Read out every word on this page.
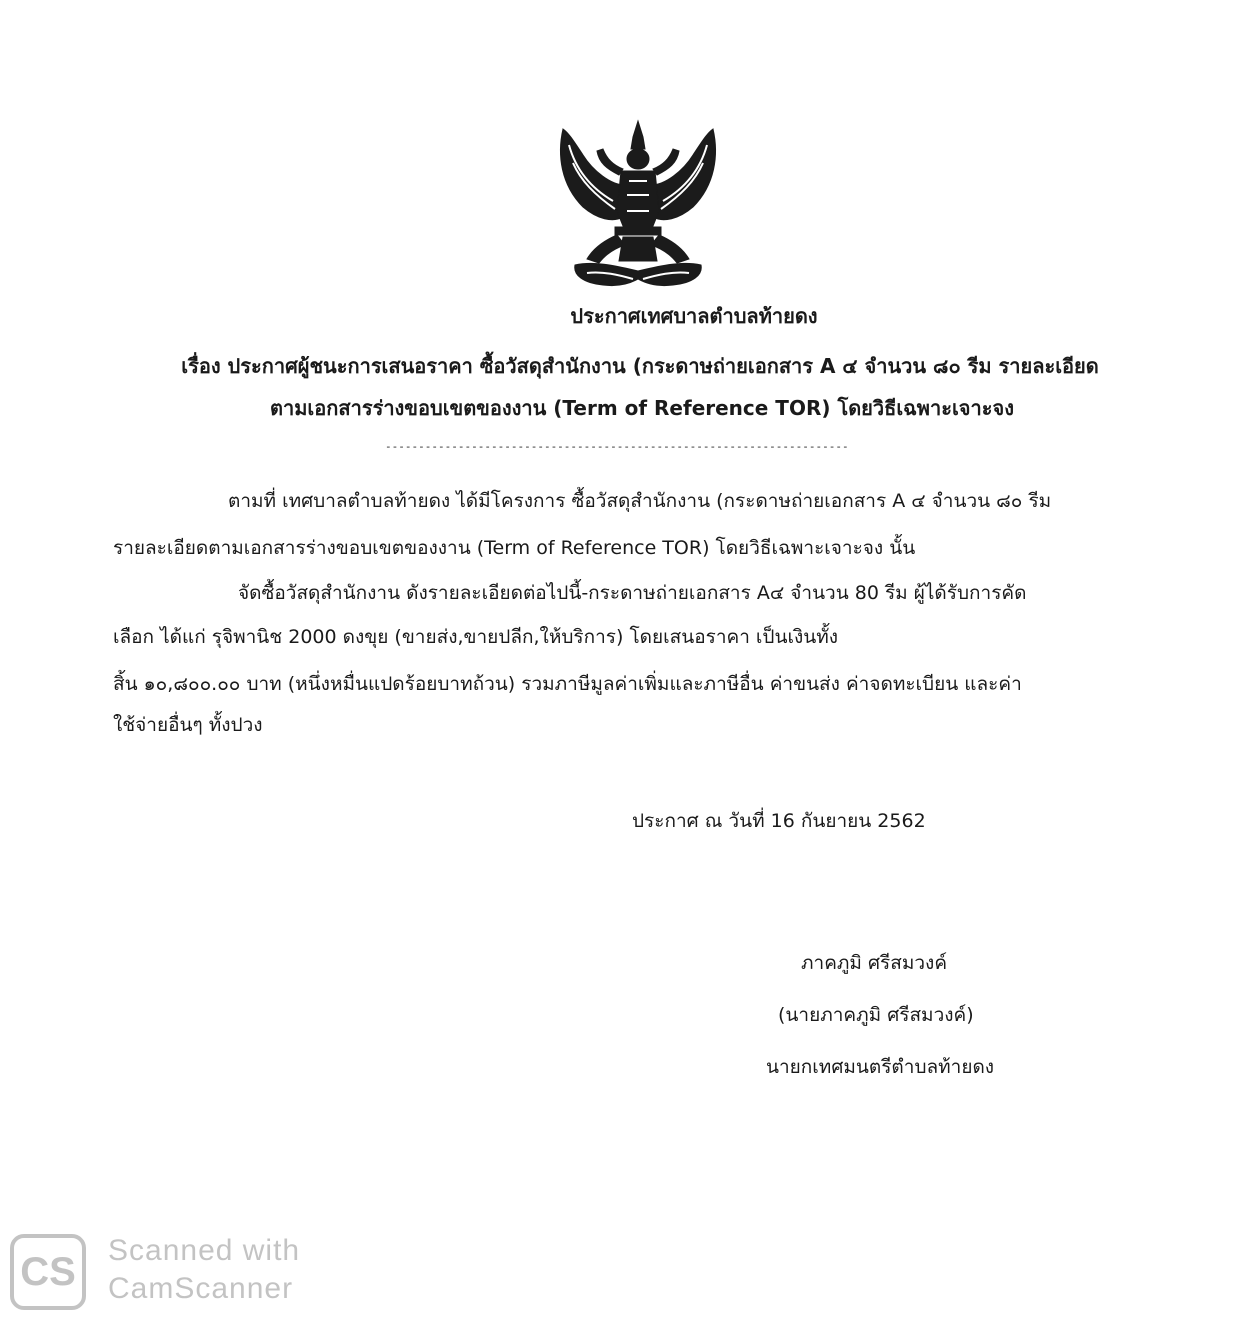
ประกาศเทศบาลตำบลท้ายดง
เรื่อง ประกาศผู้ชนะการเสนอราคา ซื้อวัสดุสำนักงาน (กระดาษถ่ายเอกสาร A ๔ จำนวน ๘๐ รีม รายละเอียด
ตามเอกสารร่างขอบเขตของงาน (Term of Reference TOR) โดยวิธีเฉพาะเจาะจง
----------------------------------------------------------------------
ตามที่ เทศบาลตำบลท้ายดง ได้มีโครงการ ซื้อวัสดุสำนักงาน (กระดาษถ่ายเอกสาร A ๔ จำนวน ๘๐ รีม
รายละเอียดตามเอกสารร่างขอบเขตของงาน (Term of Reference TOR) โดยวิธีเฉพาะเจาะจง นั้น
จัดซื้อวัสดุสำนักงาน ดังรายละเอียดต่อไปนี้-กระดาษถ่ายเอกสาร A๔ จำนวน 80 รีม ผู้ได้รับการคัด
เลือก ได้แก่ รุจิพานิช 2000 ดงขุย (ขายส่ง,ขายปลีก,ให้บริการ) โดยเสนอราคา เป็นเงินทั้ง
สิ้น ๑๐,๘๐๐.๐๐ บาท (หนึ่งหมื่นแปดร้อยบาทถ้วน) รวมภาษีมูลค่าเพิ่มและภาษีอื่น ค่าขนส่ง ค่าจดทะเบียน และค่า
ใช้จ่ายอื่นๆ ทั้งปวง
ประกาศ ณ วันที่ 16 กันยายน 2562
ภาคภูมิ ศรีสมวงค์
(นายภาคภูมิ ศรีสมวงค์)
นายกเทศมนตรีตำบลท้ายดง
CS Scanned with
CamScanner
